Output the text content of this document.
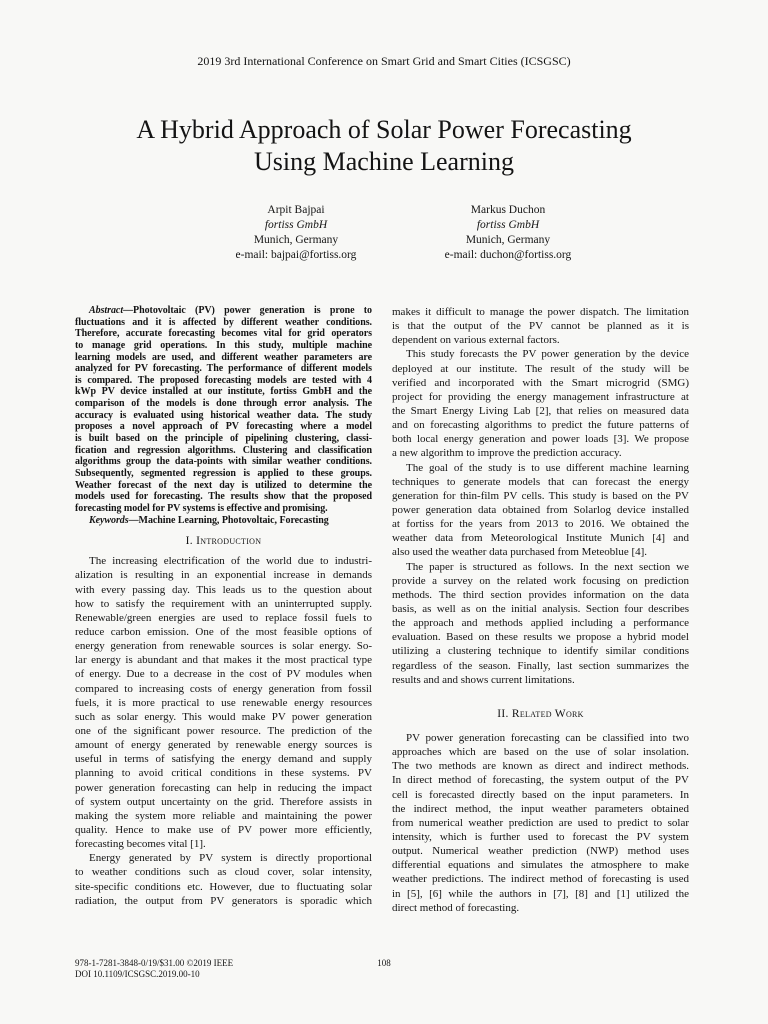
2019 3rd International Conference on Smart Grid and Smart Cities (ICSGSC)
A Hybrid Approach of Solar Power Forecasting
Using Machine Learning
Arpit Bajpai
fortiss GmbH
Munich, Germany
e-mail: bajpai@fortiss.org
Markus Duchon
fortiss GmbH
Munich, Germany
e-mail: duchon@fortiss.org
Abstract—Photovoltaic (PV) power generation is prone to
fluctuations and it is affected by different weather conditions.
Therefore, accurate forecasting becomes vital for grid operators
to manage grid operations. In this study, multiple machine
learning models are used, and different weather parameters are
analyzed for PV forecasting. The performance of different models
is compared. The proposed forecasting models are tested with 4
kWp PV device installed at our institute, fortiss GmbH and the
comparison of the models is done through error analysis. The
accuracy is evaluated using historical weather data. The study
proposes a novel approach of PV forecasting where a model
is built based on the principle of pipelining clustering, classi-
fication and regression algorithms. Clustering and classification
algorithms group the data-points with similar weather conditions.
Subsequently, segmented regression is applied to these groups.
Weather forecast of the next day is utilized to determine the
models used for forecasting. The results show that the proposed
forecasting model for PV systems is effective and promising.
Keywords—Machine Learning, Photovoltaic, Forecasting
I. Introduction
The increasing electrification of the world due to industri-
alization is resulting in an exponential increase in demands
with every passing day. This leads us to the question about
how to satisfy the requirement with an uninterrupted supply.
Renewable/green energies are used to replace fossil fuels to
reduce carbon emission. One of the most feasible options of
energy generation from renewable sources is solar energy. So-
lar energy is abundant and that makes it the most practical type
of energy. Due to a decrease in the cost of PV modules when
compared to increasing costs of energy generation from fossil
fuels, it is more practical to use renewable energy resources
such as solar energy. This would make PV power generation
one of the significant power resource. The prediction of the
amount of energy generated by renewable energy sources is
useful in terms of satisfying the energy demand and supply
planning to avoid critical conditions in these systems. PV
power generation forecasting can help in reducing the impact
of system output uncertainty on the grid. Therefore assists in
making the system more reliable and maintaining the power
quality. Hence to make use of PV power more efficiently,
forecasting becomes vital [1].
Energy generated by PV system is directly proportional
to weather conditions such as cloud cover, solar intensity,
site-specific conditions etc. However, due to fluctuating solar
radiation, the output from PV generators is sporadic which
makes it difficult to manage the power dispatch. The limitation
is that the output of the PV cannot be planned as it is
dependent on various external factors.
This study forecasts the PV power generation by the device
deployed at our institute. The result of the study will be
verified and incorporated with the Smart microgrid (SMG)
project for providing the energy management infrastructure at
the Smart Energy Living Lab [2], that relies on measured data
and on forecasting algorithms to predict the future patterns of
both local energy generation and power loads [3]. We propose
a new algorithm to improve the prediction accuracy.
The goal of the study is to use different machine learning
techniques to generate models that can forecast the energy
generation for thin-film PV cells. This study is based on the PV
power generation data obtained from Solarlog device installed
at fortiss for the years from 2013 to 2016. We obtained the
weather data from Meteorological Institute Munich [4] and
also used the weather data purchased from Meteoblue [4].
The paper is structured as follows. In the next section we
provide a survey on the related work focusing on prediction
methods. The third section provides information on the data
basis, as well as on the initial analysis. Section four describes
the approach and methods applied including a performance
evaluation. Based on these results we propose a hybrid model
utilizing a clustering technique to identify similar conditions
regardless of the season. Finally, last section summarizes the
results and and shows current limitations.
II. Related Work
PV power generation forecasting can be classified into two
approaches which are based on the use of solar insolation.
The two methods are known as direct and indirect methods.
In direct method of forecasting, the system output of the PV
cell is forecasted directly based on the input parameters. In
the indirect method, the input weather parameters obtained
from numerical weather prediction are used to predict to solar
intensity, which is further used to forecast the PV system
output. Numerical weather prediction (NWP) method uses
differential equations and simulates the atmosphere to make
weather predictions. The indirect method of forecasting is used
in [5], [6] while the authors in [7], [8] and [1] utilized the
direct method of forecasting.
978-1-7281-3848-0/19/$31.00 ©2019 IEEE
DOI 10.1109/ICSGSC.2019.00-10
108
